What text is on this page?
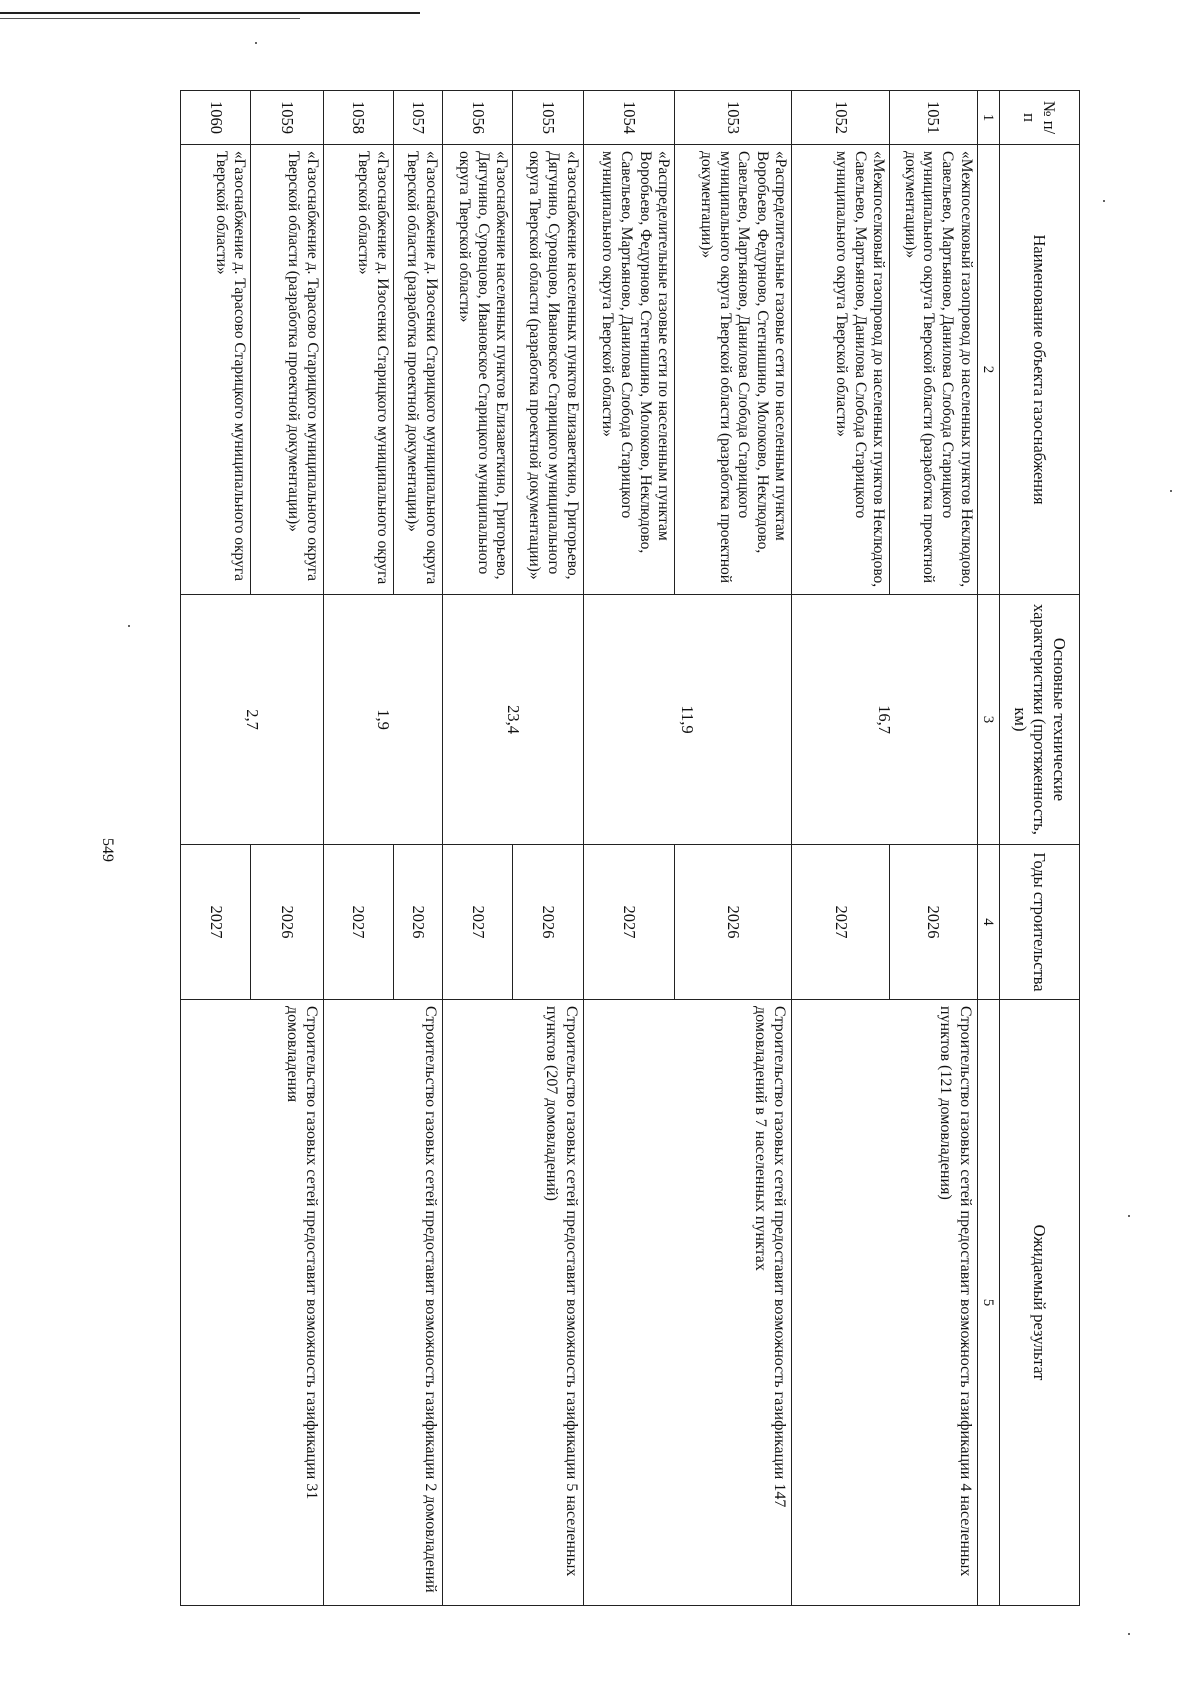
549
№ п/п	Наименование объекта газоснабжения	Основные технические характеристики (протяженность, км)	Годы строительства	Ожидаемый результат
1	2	3	4	5
1051	«Межпоселковый газопровод до населенных пунктов Неклюдово, Савельево, Мартьяново, Данилова Слобода Старицкого муниципального округа Тверской области (разработка проектной документации)»	16,7	2026	Строительство газовых сетей предоставит возможность газификации 4 населенных пунктов (121 домовладения)
1052	«Межпоселковый газопровод до населенных пунктов Неклюдово, Савельево, Мартьяново, Данилова Слобода Старицкого муниципального округа Тверской области»		2027	
1053	«Распределительные газовые сети по населенным пунктам Воробьево, Федурново, Стегнишино, Молоково, Неклюдово, Савельево, Мартьяново, Данилова Слобода Старицкого муниципального округа Тверской области (разработка проектной документации)»	11,9	2026	Строительство газовых сетей предоставит возможность газификации 147 домовладений в 7 населенных пунктах
1054	«Распределительные газовые сети по населенным пунктам Воробьево, Федурново, Стегнишино, Молоково, Неклюдово, Савельево, Мартьяново, Данилова Слобода Старицкого муниципального округа Тверской области»		2027	
1055	«Газоснабжение населенных пунктов Елизаветкино, Григорьево, Дягунино, Суровцово, Ивановское Старицкого муниципального округа Тверской области (разработка проектной документации)»	23,4	2026	Строительство газовых сетей предоставит возможность газификации 5 населенных пунктов (207 домовладений)
1056	«Газоснабжение населенных пунктов Елизаветкино, Григорьево, Дягунино, Суровцово, Ивановское Старицкого муниципального округа Тверской области»		2027	
1057	«Газоснабжение д. Изосенки Старицкого муниципального округа Тверской области (разработка проектной документации)»	1,9	2026	Строительство газовых сетей предоставит возможность газификации 2 домовладений
1058	«Газоснабжение д. Изосенки Старицкого муниципального округа Тверской области»		2027	
1059	«Газоснабжение д. Тарасово Старицкого муниципального округа Тверской области (разработка проектной документации)»	2,7	2026	Строительство газовых сетей предоставит возможность газификации 31 домовладения
1060	«Газоснабжение д. Тарасово Старицкого муниципального округа Тверской области»		2027	
